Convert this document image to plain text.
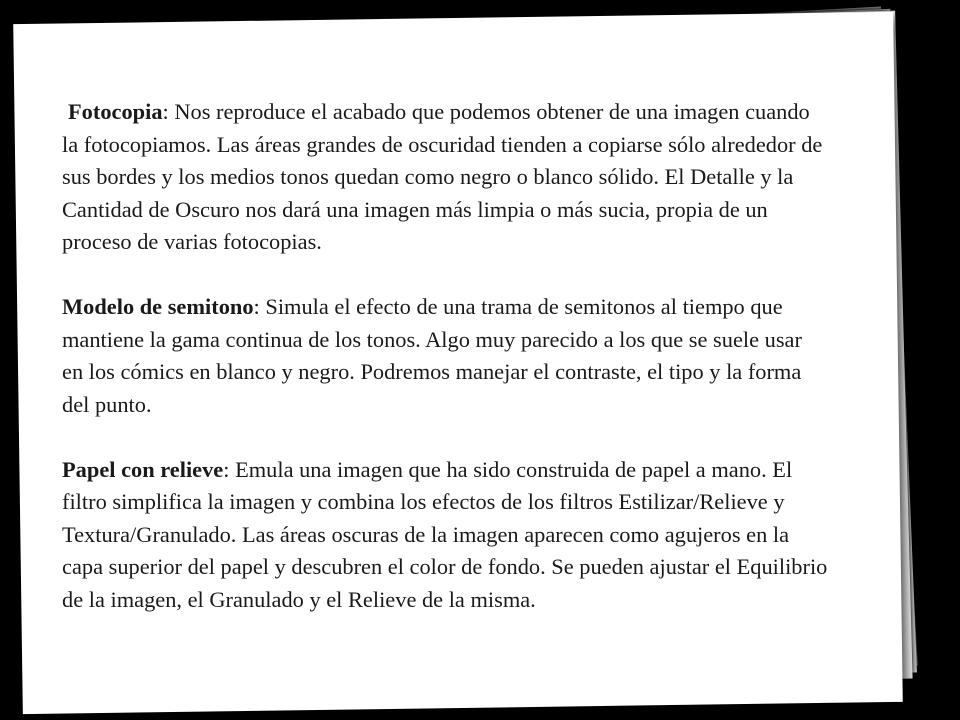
Fotocopia: Nos reproduce el acabado que podemos obtener de una imagen cuando la fotocopiamos. Las áreas grandes de oscuridad tienden a copiarse sólo alrededor de sus bordes y los medios tonos quedan como negro o blanco sólido. El Detalle y la Cantidad de Oscuro nos dará una imagen más limpia o más sucia, propia de un proceso de varias fotocopias.

Modelo de semitono: Simula el efecto de una trama de semitonos al tiempo que mantiene la gama continua de los tonos. Algo muy parecido a los que se suele usar en los cómics en blanco y negro. Podremos manejar el contraste, el tipo y la forma del punto.

Papel con relieve: Emula una imagen que ha sido construida de papel a mano. El filtro simplifica la imagen y combina los efectos de los filtros Estilizar/Relieve y Textura/Granulado. Las áreas oscuras de la imagen aparecen como agujeros en la capa superior del papel y descubren el color de fondo. Se pueden ajustar el Equilibrio de la imagen, el Granulado y el Relieve de la misma.
